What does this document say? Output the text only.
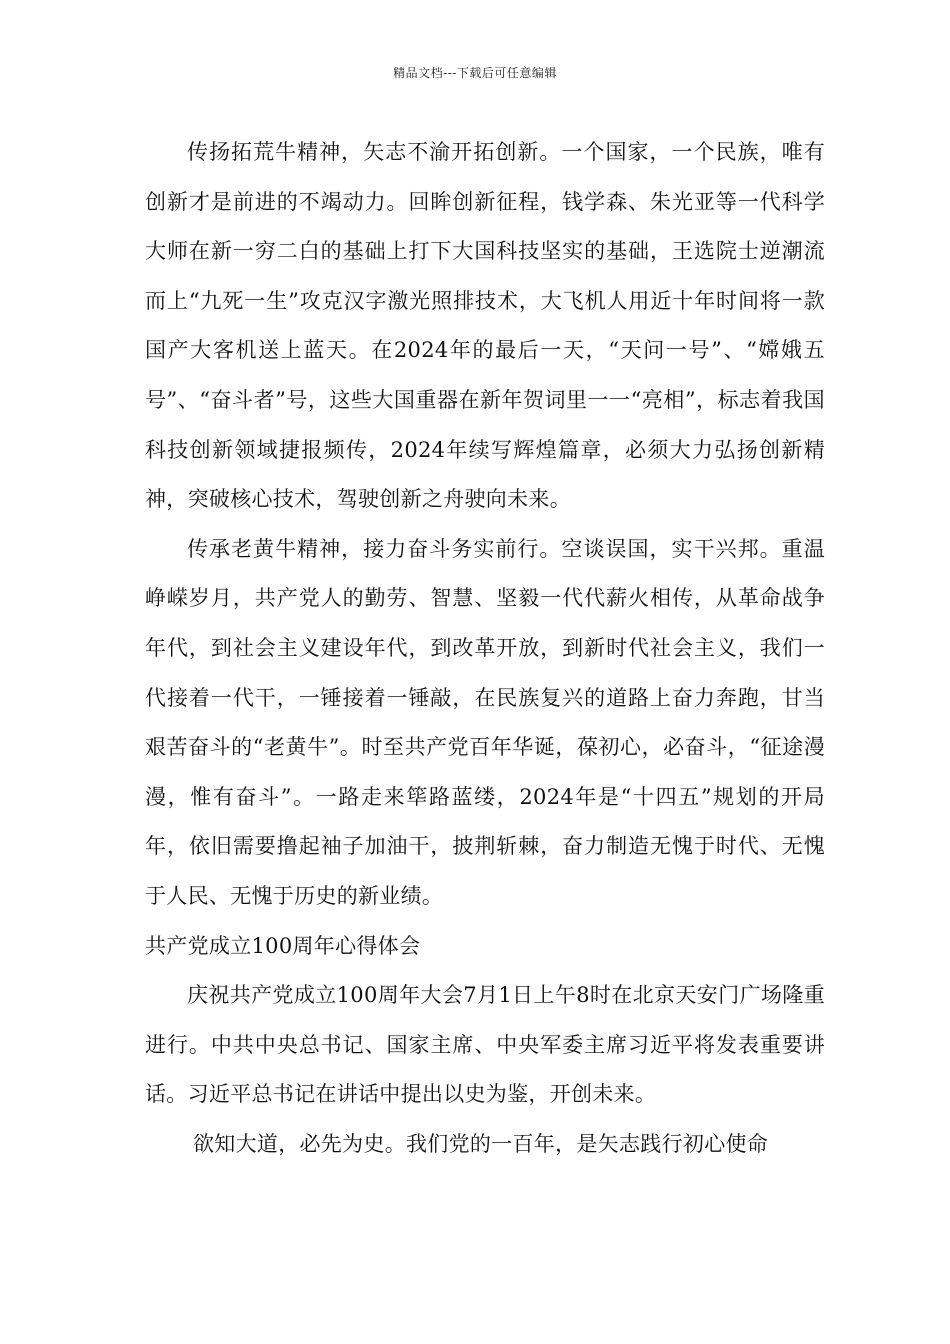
精品文档---下载后可任意编辑

传扬拓荒牛精神，矢志不渝开拓创新。一个国家，一个民族，唯有创新才是前进的不竭动力。回眸创新征程，钱学森、朱光亚等一代科学大师在新一穷二白的基础上打下大国科技坚实的基础，王选院士逆潮流而上“九死一生”攻克汉字激光照排技术，大飞机人用近十年时间将一款国产大客机送上蓝天。在2024年的最后一天，“天问一号”、“嫦娥五号”、“奋斗者”号，这些大国重器在新年贺词里一一“亮相”，标志着我国科技创新领域捷报频传，2024年续写辉煌篇章，必须大力弘扬创新精神，突破核心技术，驾驶创新之舟驶向未来。

传承老黄牛精神，接力奋斗务实前行。空谈误国，实干兴邦。重温峥嵘岁月，共产党人的勤劳、智慧、坚毅一代代薪火相传，从革命战争年代，到社会主义建设年代，到改革开放，到新时代社会主义，我们一代接着一代干，一锤接着一锤敲，在民族复兴的道路上奋力奔跑，甘当艰苦奋斗的“老黄牛”。时至共产党百年华诞，葆初心，必奋斗，“征途漫漫，惟有奋斗”。一路走来筚路蓝缕，2024年是“十四五”规划的开局年，依旧需要撸起袖子加油干，披荆斩棘，奋力制造无愧于时代、无愧于人民、无愧于历史的新业绩。

共产党成立100周年心得体会

庆祝共产党成立100周年大会7月1日上午8时在北京天安门广场隆重进行。中共中央总书记、国家主席、中央军委主席习近平将发表重要讲话。习近平总书记在讲话中提出以史为鉴，开创未来。

欲知大道，必先为史。我们党的一百年，是矢志践行初心使命
